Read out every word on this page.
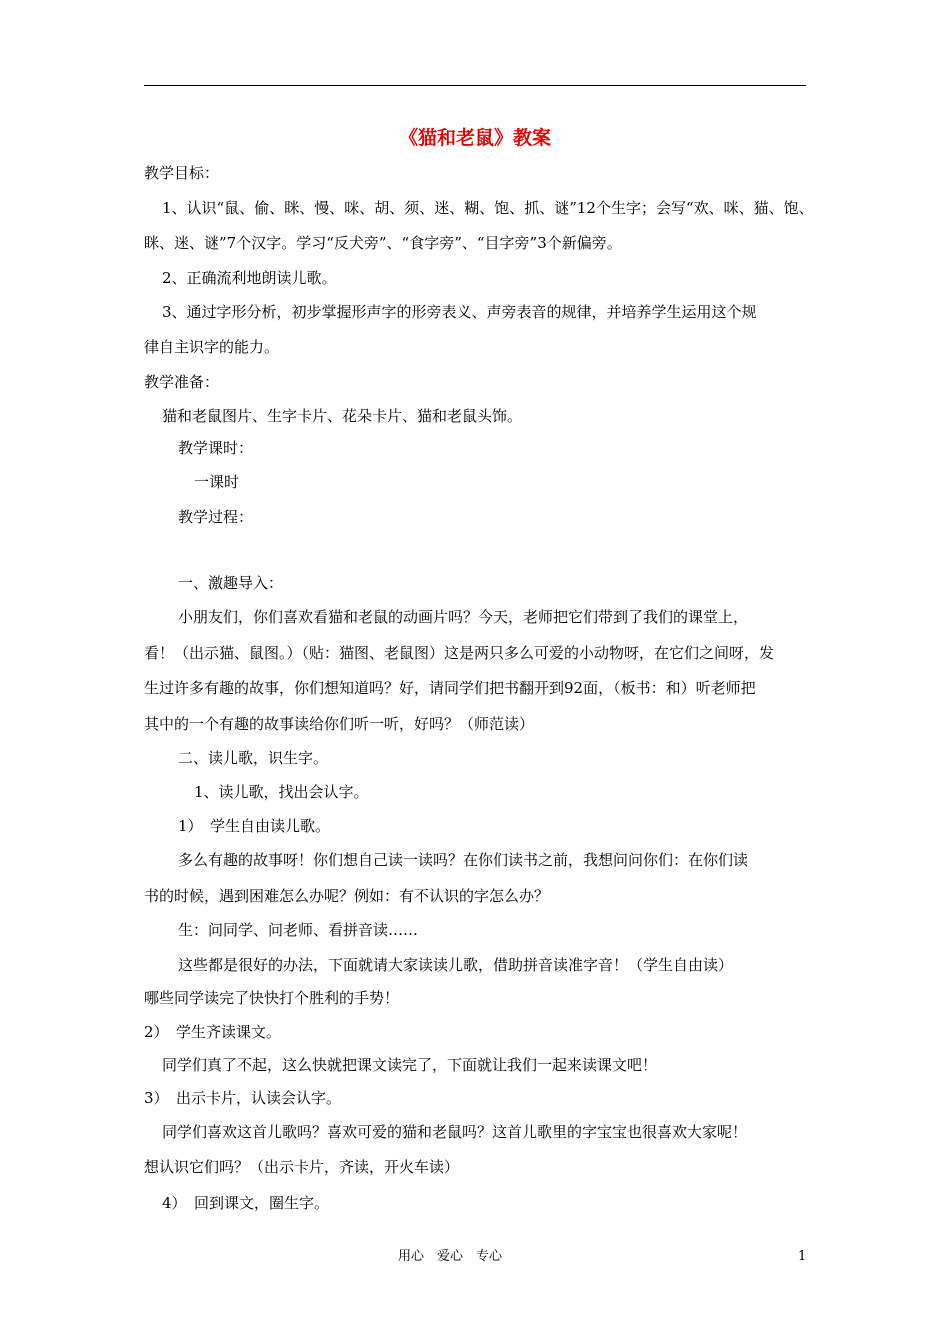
《猫和老鼠》教案
教学目标：
1、认识“鼠、偷、眯、慢、咪、胡、须、迷、糊、饱、抓、谜”12个生字；会写“欢、咪、猫、饱、
眯、迷、谜”7个汉字。学习“反犬旁”、“食字旁”、“目字旁”3个新偏旁。
2、正确流利地朗读儿歌。
3、通过字形分析，初步掌握形声字的形旁表义、声旁表音的规律，并培养学生运用这个规
律自主识字的能力。
教学准备：
猫和老鼠图片、生字卡片、花朵卡片、猫和老鼠头饰。
教学课时：
一课时
教学过程：
一、激趣导入：
小朋友们，你们喜欢看猫和老鼠的动画片吗？今天，老师把它们带到了我们的课堂上，
看！（出示猫、鼠图。）（贴：猫图、老鼠图）这是两只多么可爱的小动物呀，在它们之间呀，发
生过许多有趣的故事，你们想知道吗？好，请同学们把书翻开到92面，（板书：和）听老师把
其中的一个有趣的故事读给你们听一听，好吗？（师范读）
二、读儿歌，识生字。
1、读儿歌，找出会认字。
1）　学生自由读儿歌。
多么有趣的故事呀！你们想自己读一读吗？在你们读书之前，我想问问你们：在你们读
书的时候，遇到困难怎么办呢？例如：有不认识的字怎么办？
生：问同学、问老师、看拼音读……
这些都是很好的办法，下面就请大家读读儿歌，借助拼音读准字音！（学生自由读）
哪些同学读完了快快打个胜利的手势！
2）　学生齐读课文。
同学们真了不起，这么快就把课文读完了，下面就让我们一起来读课文吧！
3）　出示卡片，认读会认字。
同学们喜欢这首儿歌吗？喜欢可爱的猫和老鼠吗？这首儿歌里的字宝宝也很喜欢大家呢！
想认识它们吗？（出示卡片，齐读，开火车读）
4）　回到课文，圈生字。
用心　爱心　专心	1
